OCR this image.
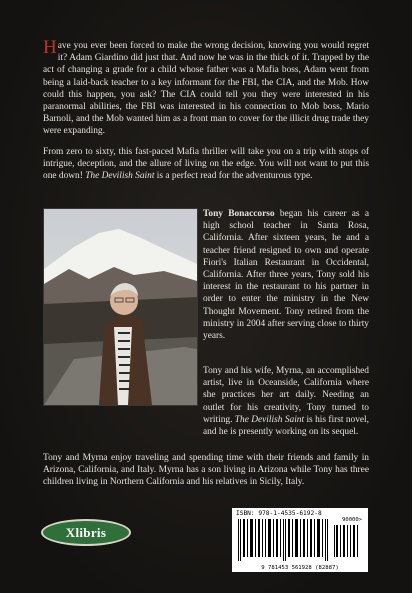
Have you ever been forced to make the wrong decision, knowing you would regret it? Adam Giardino did just that. And now he was in the thick of it. Trapped by the act of changing a grade for a child whose father was a Mafia boss, Adam went from being a laid-back teacher to a key informant for the FBI, the CIA, and the Mob. How could this happen, you ask? The CIA could tell you they were interested in his paranormal abilities, the FBI was interested in his connection to Mob boss, Mario Barnoli, and the Mob wanted him as a front man to cover for the illicit drug trade they were expanding.
From zero to sixty, this fast-paced Mafia thriller will take you on a trip with stops of intrigue, deception, and the allure of living on the edge. You will not want to put this one down! The Devilish Saint is a perfect read for the adventurous type.
Tony Bonaccorso began his career as a high school teacher in Santa Rosa, California. After sixteen years, he and a teacher friend resigned to own and operate Fiori's Italian Restaurant in Occidental, California. After three years, Tony sold his interest in the restaurant to his partner in order to enter the ministry in the New Thought Movement. Tony retired from the ministry in 2004 after serving close to thirty years.
Tony and his wife, Myrna, an accomplished artist, live in Oceanside, California where she practices her art daily. Needing an outlet for his creativity, Tony turned to writing. The Devilish Saint is his first novel, and he is presently working on its sequel.
Tony and Myrna enjoy traveling and spending time with their friends and family in Arizona, California, and Italy. Myrna has a son living in Arizona while Tony has three children living in Northern California and his relatives in Sicily, Italy.
Xlibris
ISBN: 978-1-4535-6192-8
90000>
9 781453 561928 (82887)
